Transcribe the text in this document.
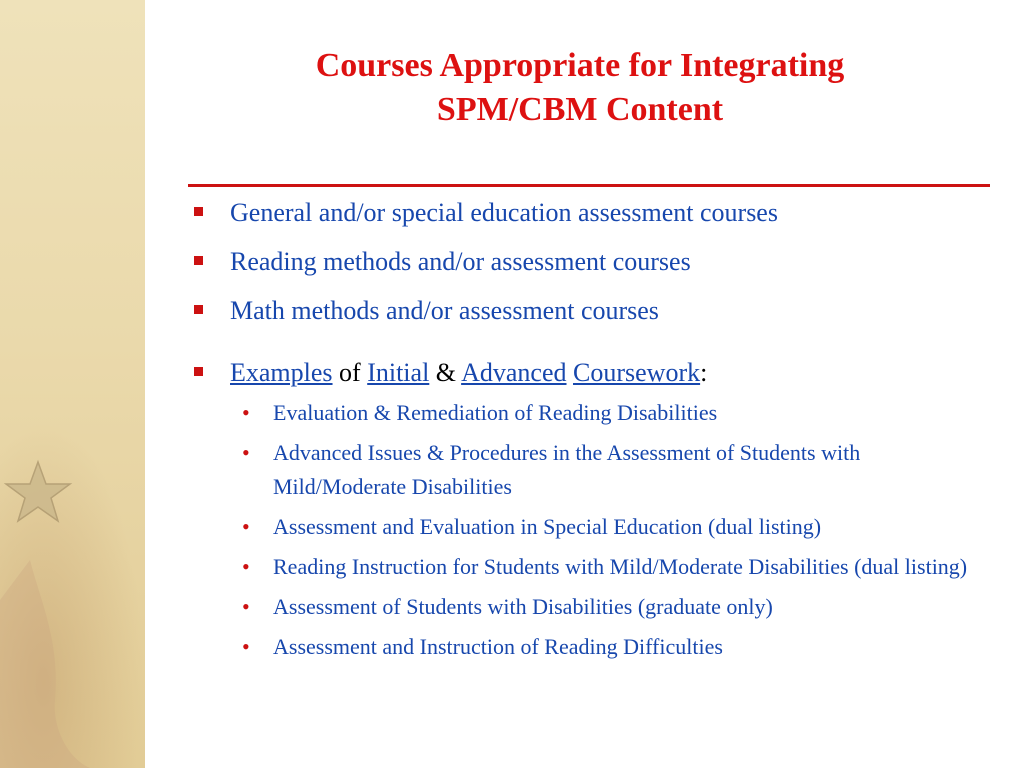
Courses Appropriate for Integrating
SPM/CBM Content
General and/or special education assessment courses
Reading methods and/or assessment courses
Math methods and/or assessment courses
Examples of Initial & Advanced Coursework:
• Evaluation & Remediation of Reading Disabilities
• Advanced Issues & Procedures in the Assessment of Students with Mild/Moderate Disabilities
• Assessment and Evaluation in Special Education (dual listing)
• Reading Instruction for Students with Mild/Moderate Disabilities (dual listing)
• Assessment of Students with Disabilities (graduate only)
• Assessment and Instruction of Reading Difficulties
